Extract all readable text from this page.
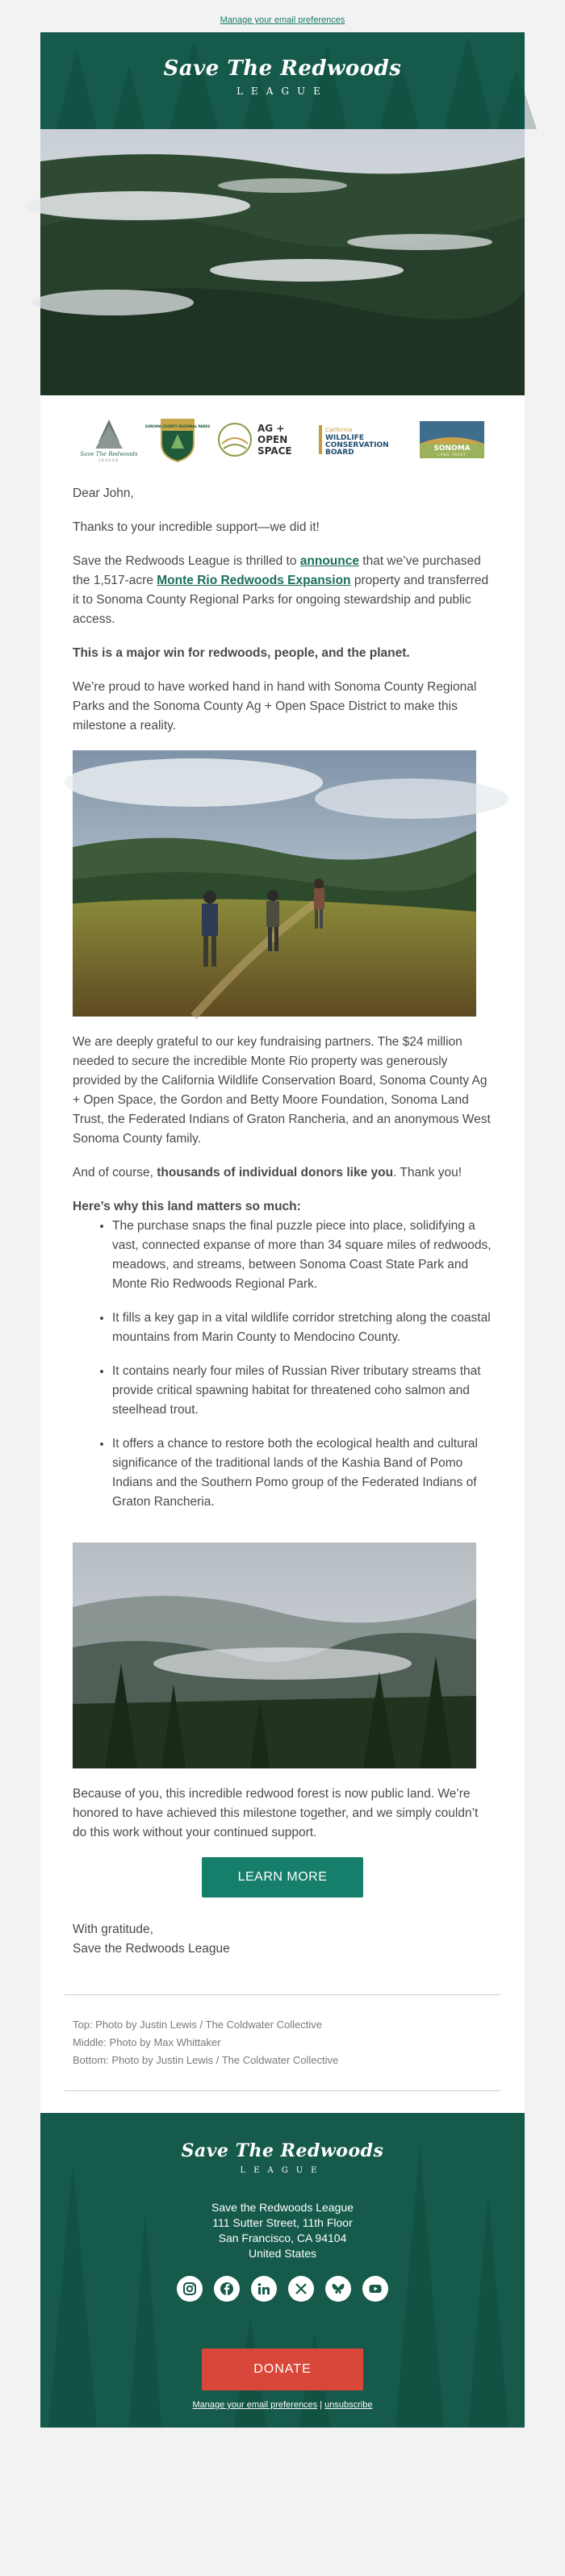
Manage your email preferences
Save The Redwoods
LEAGUE
Save The Redwoods
LEAGUE
SONOMA COUNTY REGIONAL PARKS	AG +
OPEN
SPACE
California
WILDLIFE
CONSERVATION
BOARD	SONOMA
LAND TRUST

Dear John,

Thanks to your incredible support—we did it!

Save the Redwoods League is thrilled to announce that we’ve purchased the 1,517-acre Monte Rio Redwoods Expansion property and transferred it to Sonoma County Regional Parks for ongoing stewardship and public access.

This is a major win for redwoods, people, and the planet.

We’re proud to have worked hand in hand with Sonoma County Regional Parks and the Sonoma County Ag + Open Space District to make this milestone a reality.

We are deeply grateful to our key fundraising partners. The $24 million needed to secure the incredible Monte Rio property was generously provided by the California Wildlife Conservation Board, Sonoma County Ag + Open Space, the Gordon and Betty Moore Foundation, Sonoma Land Trust, the Federated Indians of Graton Rancheria, and an anonymous West Sonoma County family.

And of course, thousands of individual donors like you. Thank you!

Here’s why this land matters so much:

• The purchase snaps the final puzzle piece into place, solidifying a vast, connected expanse of more than 34 square miles of redwoods, meadows, and streams, between Sonoma Coast State Park and Monte Rio Redwoods Regional Park.
• It fills a key gap in a vital wildlife corridor stretching along the coastal mountains from Marin County to Mendocino County.
• It contains nearly four miles of Russian River tributary streams that provide critical spawning habitat for threatened coho salmon and steelhead trout.
• It offers a chance to restore both the ecological health and cultural significance of the traditional lands of the Kashia Band of Pomo Indians and the Southern Pomo group of the Federated Indians of Graton Rancheria.

Because of you, this incredible redwood forest is now public land. We’re honored to have achieved this milestone together, and we simply couldn’t do this work without your continued support.

LEARN MORE

With gratitude,

Save the Redwoods League

Top: Photo by Justin Lewis / The Coldwater Collective
Middle: Photo by Max Whittaker
Bottom: Photo by Justin Lewis / The Coldwater Collective
Save The Redwoods
LEAGUE
Save the Redwoods League
111 Sutter Street, 11th Floor
San Francisco, CA 94104
United States
DONATE
Manage your email preferences | unsubscribe
